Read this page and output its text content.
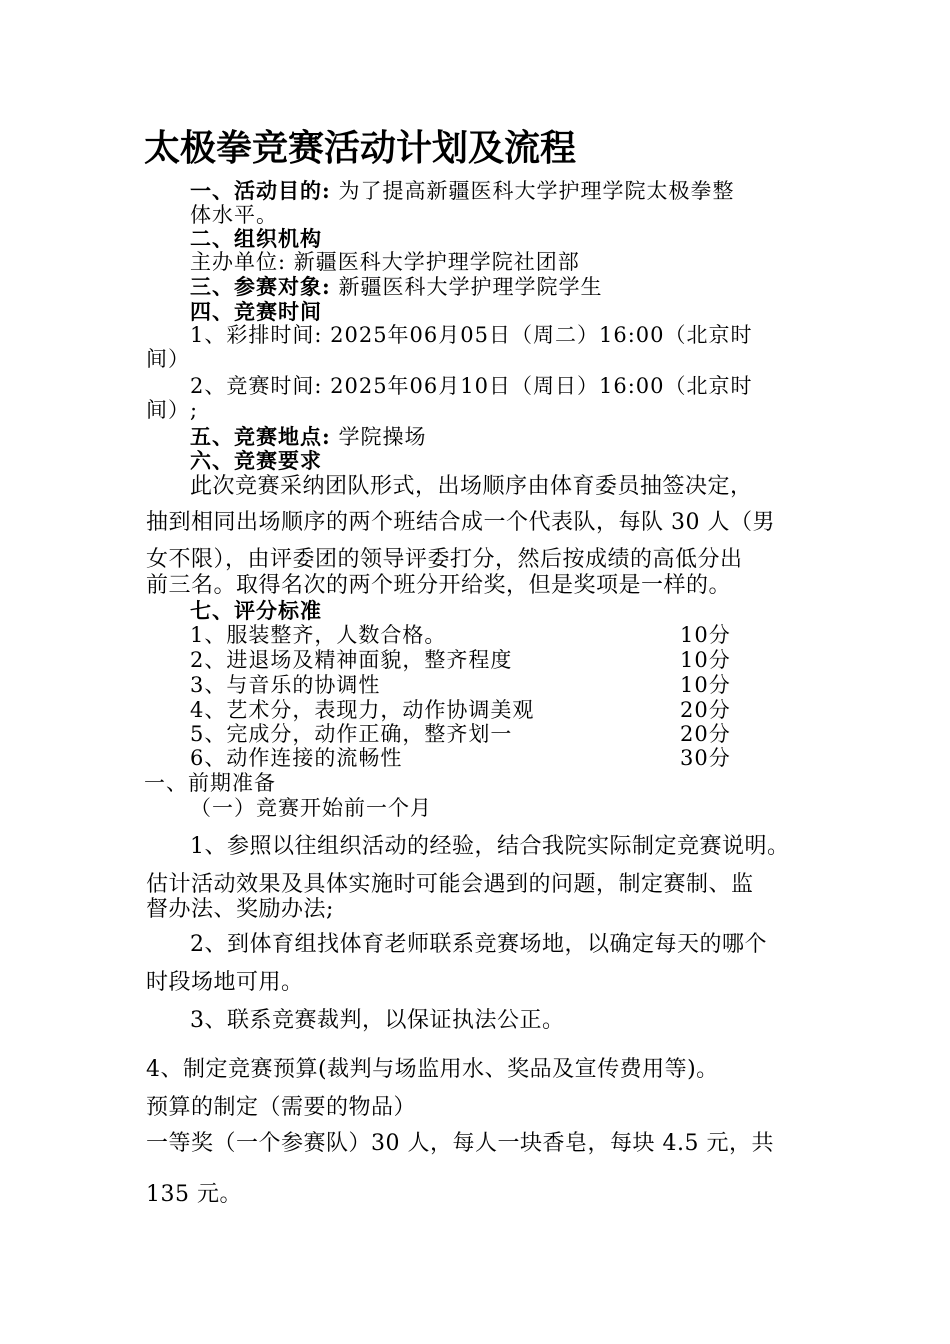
太极拳竞赛活动计划及流程
一、活动目的: 为了提高新疆医科大学护理学院太极拳整
体水平。
二、组织机构
主办单位: 新疆医科大学护理学院社团部
三、参赛对象: 新疆医科大学护理学院学生
四、竞赛时间
1、彩排时间: 2025年06月05日（周二）16:00（北京时
间）
2、竞赛时间: 2025年06月10日（周日）16:00（北京时
间）;
五、竞赛地点: 学院操场
六、竞赛要求
此次竞赛采纳团队形式，出场顺序由体育委员抽签决定，
抽到相同出场顺序的两个班结合成一个代表队，每队 30 人（男
女不限），由评委团的领导评委打分，然后按成绩的高低分出
前三名。取得名次的两个班分开给奖，但是奖项是一样的。
七、评分标准
1、服装整齐，人数合格。	10分
2、进退场及精神面貌，整齐程度	10分
3、与音乐的协调性	10分
4、艺术分，表现力，动作协调美观	20分
5、完成分，动作正确，整齐划一	20分
6、动作连接的流畅性	30分
一、前期准备
（一）竞赛开始前一个月
1、参照以往组织活动的经验，结合我院实际制定竞赛说明。
估计活动效果及具体实施时可能会遇到的问题，制定赛制、监
督办法、奖励办法;
2、到体育组找体育老师联系竞赛场地，以确定每天的哪个
时段场地可用。
3、联系竞赛裁判，以保证执法公正。
4、制定竞赛预算(裁判与场监用水、奖品及宣传费用等)。
预算的制定（需要的物品）
一等奖（一个参赛队）30 人，每人一块香皂，每块 4.5 元，共
135 元。
